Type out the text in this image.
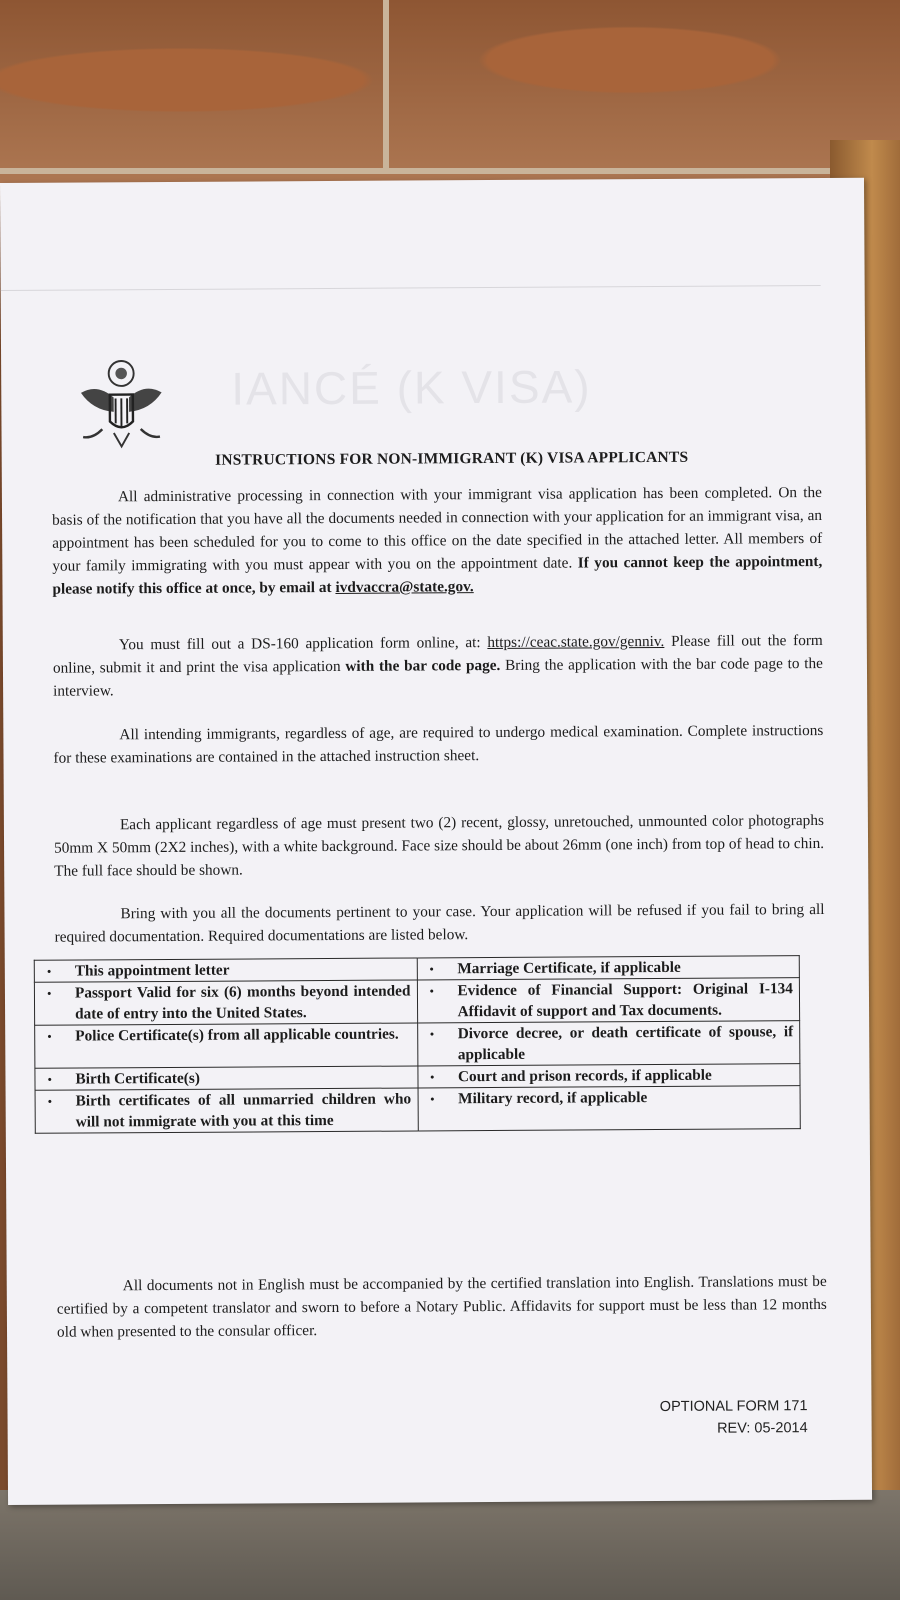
IANCÉ (K VISA)
INSTRUCTIONS FOR NON-IMMIGRANT (K) VISA APPLICANTS
All administrative processing in connection with your immigrant visa application has been completed. On the basis of the notification that you have all the documents needed in connection with your application for an immigrant visa, an appointment has been scheduled for you to come to this office on the date specified in the attached letter. All members of your family immigrating with you must appear with you on the appointment date. If you cannot keep the appointment, please notify this office at once, by email at ivdvaccra@state.gov.
You must fill out a DS-160 application form online, at: https://ceac.state.gov/genniv. Please fill out the form online, submit it and print the visa application with the bar code page. Bring the application with the bar code page to the interview.
All intending immigrants, regardless of age, are required to undergo medical examination. Complete instructions for these examinations are contained in the attached instruction sheet.
Each applicant regardless of age must present two (2) recent, glossy, unretouched, unmounted color photographs 50mm X 50mm (2X2 inches), with a white background. Face size should be about 26mm (one inch) from top of head to chin. The full face should be shown.
Bring with you all the documents pertinent to your case. Your application will be refused if you fail to bring all required documentation. Required documentations are listed below.
• This appointment letter	• Marriage Certificate, if applicable

• Passport Valid for six (6) months beyond intended date of entry into the United States.	• Evidence of Financial Support: Original I-134 Affidavit of support and Tax documents.

• Police Certificate(s) from all applicable countries.	• Divorce decree, or death certificate of spouse, if applicable

• Birth Certificate(s)	• Court and prison records, if applicable

• Birth certificates of all unmarried children who will not immigrate with you at this time	• Military record, if applicable
All documents not in English must be accompanied by the certified translation into English. Translations must be certified by a competent translator and sworn to before a Notary Public. Affidavits for support must be less than 12 months old when presented to the consular officer.
OPTIONAL FORM 171
REV: 05-2014
